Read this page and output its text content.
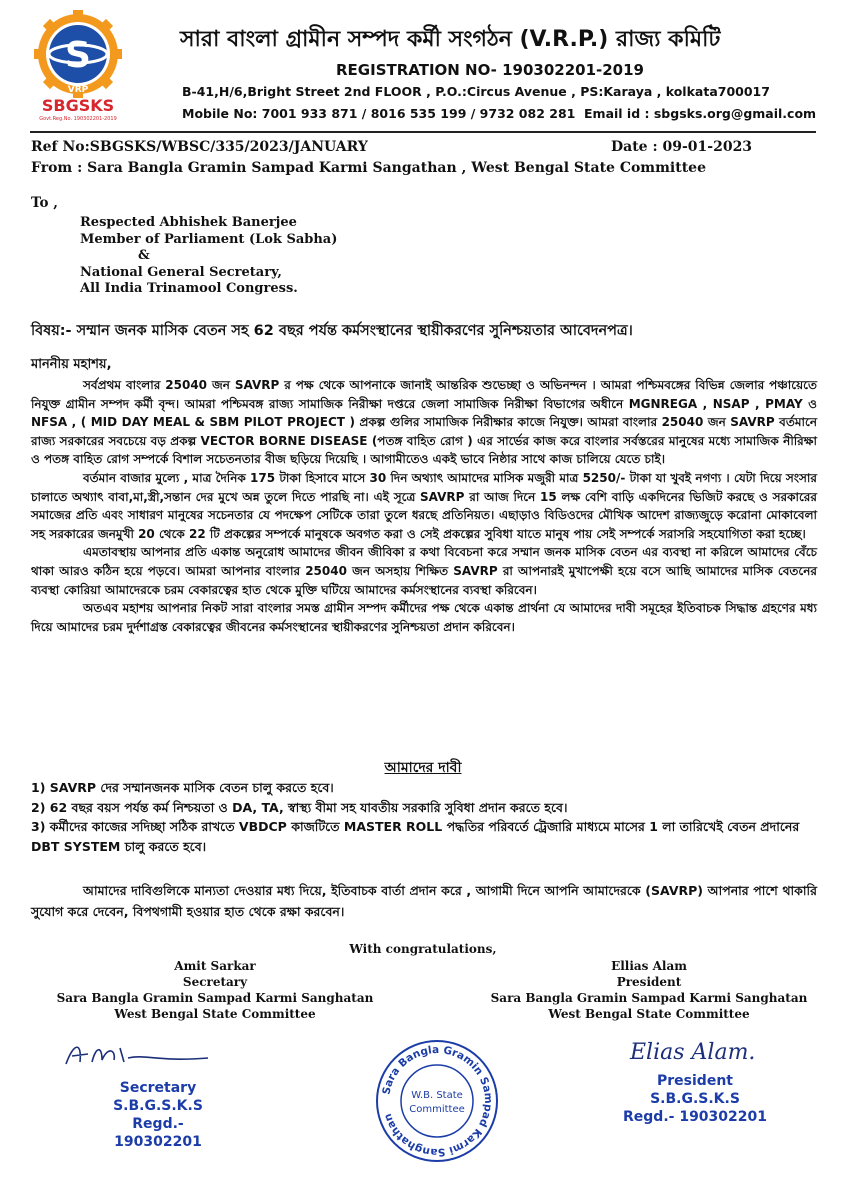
S
VRP
SBGSKS
Govt.Reg.No. 190302201-2019
সারা বাংলা গ্রামীন সম্পদ কর্মী সংগঠন (V.R.P.) রাজ্য কমিটি
REGISTRATION NO- 190302201-2019
B-41,H/6,Bright Street 2nd FLOOR , P.O.:Circus Avenue , PS:Karaya , kolkata700017
Mobile No: 7001 933 871 / 8016 535 199 / 9732 082 281 Email id : sbgsks.org@gmail.com
Ref No:SBGSKS/WBSC/335/2023/JANUARY	Date : 09-01-2023
From : Sara Bangla Gramin Sampad Karmi Sangathan , West Bengal State Committee
To ,
Respected Abhishek Banerjee
Member of Parliament (Lok Sabha)
&
National General Secretary,
All India Trinamool Congress.
বিষয়:- সম্মান জনক মাসিক বেতন সহ 62 বছর পর্যন্ত কর্মসংস্থানের স্থায়ীকরণের সুনিশ্চয়তার আবেদনপত্র।
মাননীয় মহাশয়,

সর্বপ্রথম বাংলার 25040 জন SAVRP র পক্ষ থেকে আপনাকে জানাই আন্তরিক শুভেচ্ছা ও অভিনন্দন । আমরা পশ্চিমবঙ্গের বিভিন্ন জেলার পঞ্চায়েতে নিযুক্ত গ্রামীন সম্পদ কর্মী বৃন্দ। আমরা পশ্চিমবঙ্গ রাজ্য সামাজিক নিরীক্ষা দপ্তরে জেলা সামাজিক নিরীক্ষা বিভাগের অধীনে MGNREGA , NSAP , PMAY ও NFSA , ( MID DAY MEAL & SBM PILOT PROJECT ) প্রকল্প গুলির সামাজিক নিরীক্ষার কাজে নিযুক্ত। আমরা বাংলার 25040 জন SAVRP বর্তমানে রাজ্য সরকারের সবচেয়ে বড় প্রকল্প VECTOR BORNE DISEASE (পতঙ্গ বাহিত রোগ ) এর সার্ভের কাজ করে বাংলার সর্বস্তরের মানুষের মধ্যে সামাজিক নীরিক্ষা ও পতঙ্গ বাহিত রোগ সম্পর্কে বিশাল সচেতনতার বীজ ছড়িয়ে দিয়েছি । আগামীতেও একই ভাবে নিষ্ঠার সাথে কাজ চালিয়ে যেতে চাই।

বর্তমান বাজার মুল্যে , মাত্র দৈনিক 175 টাকা হিসাবে মাসে 30 দিন অথ্যাৎ আমাদের মাসিক মজুরী মাত্র 5250/- টাকা যা খুবই নগণ্য । যেটা দিয়ে সংসার চালাতে অথ্যাৎ বাবা,মা,স্ত্রী,সন্তান দের মুখে অন্ন তুলে দিতে পারছি না। এই সূত্রে SAVRP রা আজ দিনে 15 লক্ষ বেশি বাড়ি একদিনের ভিজিট করছে ও সরকারের সমাজের প্রতি এবং সাধারণ মানুষের সচেনতার যে পদক্ষেপ সেটিকে তারা তুলে ধরছে প্রতিনিয়ত। এছাড়াও বিডিওদের মৌখিক আদেশ রাজ্যজুড়ে করোনা মোকাবেলা সহ সরকারের জনমুখী 20 থেকে 22 টি প্রকল্পের সম্পর্কে মানুষকে অবগত করা ও সেই প্রকল্পের সুবিধা যাতে মানুষ পায় সেই সম্পর্কে সরাসরি সহযোগিতা করা হচ্ছে।

এমতাবস্থায় আপনার প্রতি একান্ত অনুরোধ আমাদের জীবন জীবিকা র কথা বিবেচনা করে সম্মান জনক মাসিক বেতন এর ব্যবস্থা না করিলে আমাদের বেঁচে থাকা আরও কঠিন হয়ে পড়বে। আমরা আপনার বাংলার 25040 জন অসহায় শিক্ষিত SAVRP রা আপনারই মুখাপেক্ষী হয়ে বসে আছি আমাদের মাসিক বেতনের ব্যবস্থা কোরিয়া আমাদেরকে চরম বেকারত্বের হাত থেকে মুক্তি ঘটিয়ে আমাদের কর্মসংস্থানের ব্যবস্থা করিবেন।

অতএব মহাশয় আপনার নিকট সারা বাংলার সমস্ত গ্রামীন সম্পদ কর্মীদের পক্ষ থেকে একান্ত প্রার্থনা যে আমাদের দাবী সমূহের ইতিবাচক সিদ্ধান্ত গ্রহণের মধ্য দিয়ে আমাদের চরম দুর্দশাগ্রস্ত বেকারত্বের জীবনের কর্মসংস্থানের স্থায়ীকরণের সুনিশ্চয়তা প্রদান করিবেন।

আমাদের দাবী
1) SAVRP দের সম্মানজনক মাসিক বেতন চালু করতে হবে।
2) 62 বছর বয়স পর্যন্ত কর্ম নিশ্চয়তা ও DA, TA, স্বাস্থ্য বীমা সহ যাবতীয় সরকারি সুবিধা প্রদান করতে হবে।
3) কর্মীদের কাজের সদিচ্ছা সঠিক রাখতে VBDCP কাজটিতে MASTER ROLL পদ্ধতির পরিবর্তে ট্রেজারি মাধ্যমে মাসের 1 লা তারিখেই বেতন প্রদানের DBT SYSTEM চালু করতে হবে।
আমাদের দাবিগুলিকে মান্যতা দেওয়ার মধ্য দিয়ে, ইতিবাচক বার্তা প্রদান করে , আগামী দিনে আপনি আমাদেরকে (SAVRP) আপনার পাশে থাকারি সুযোগ করে দেবেন, বিপথগামী হওয়ার হাত থেকে রক্ষা করবেন।
With congratulations,
Amit Sarkar
Secretary
Sara Bangla Gramin Sampad Karmi Sanghatan
West Bengal State Committee
Ellias Alam
President
Sara Bangla Gramin Sampad Karmi Sanghatan
West Bengal State Committee
Secretary
S.B.G.S.K.S
Regd.- 190302201
Sara Bangla Gramin Sampad Karmi Sanghathan
W.B. State
Committee
Elias Alam.
President
S.B.G.S.K.S
Regd.- 190302201
